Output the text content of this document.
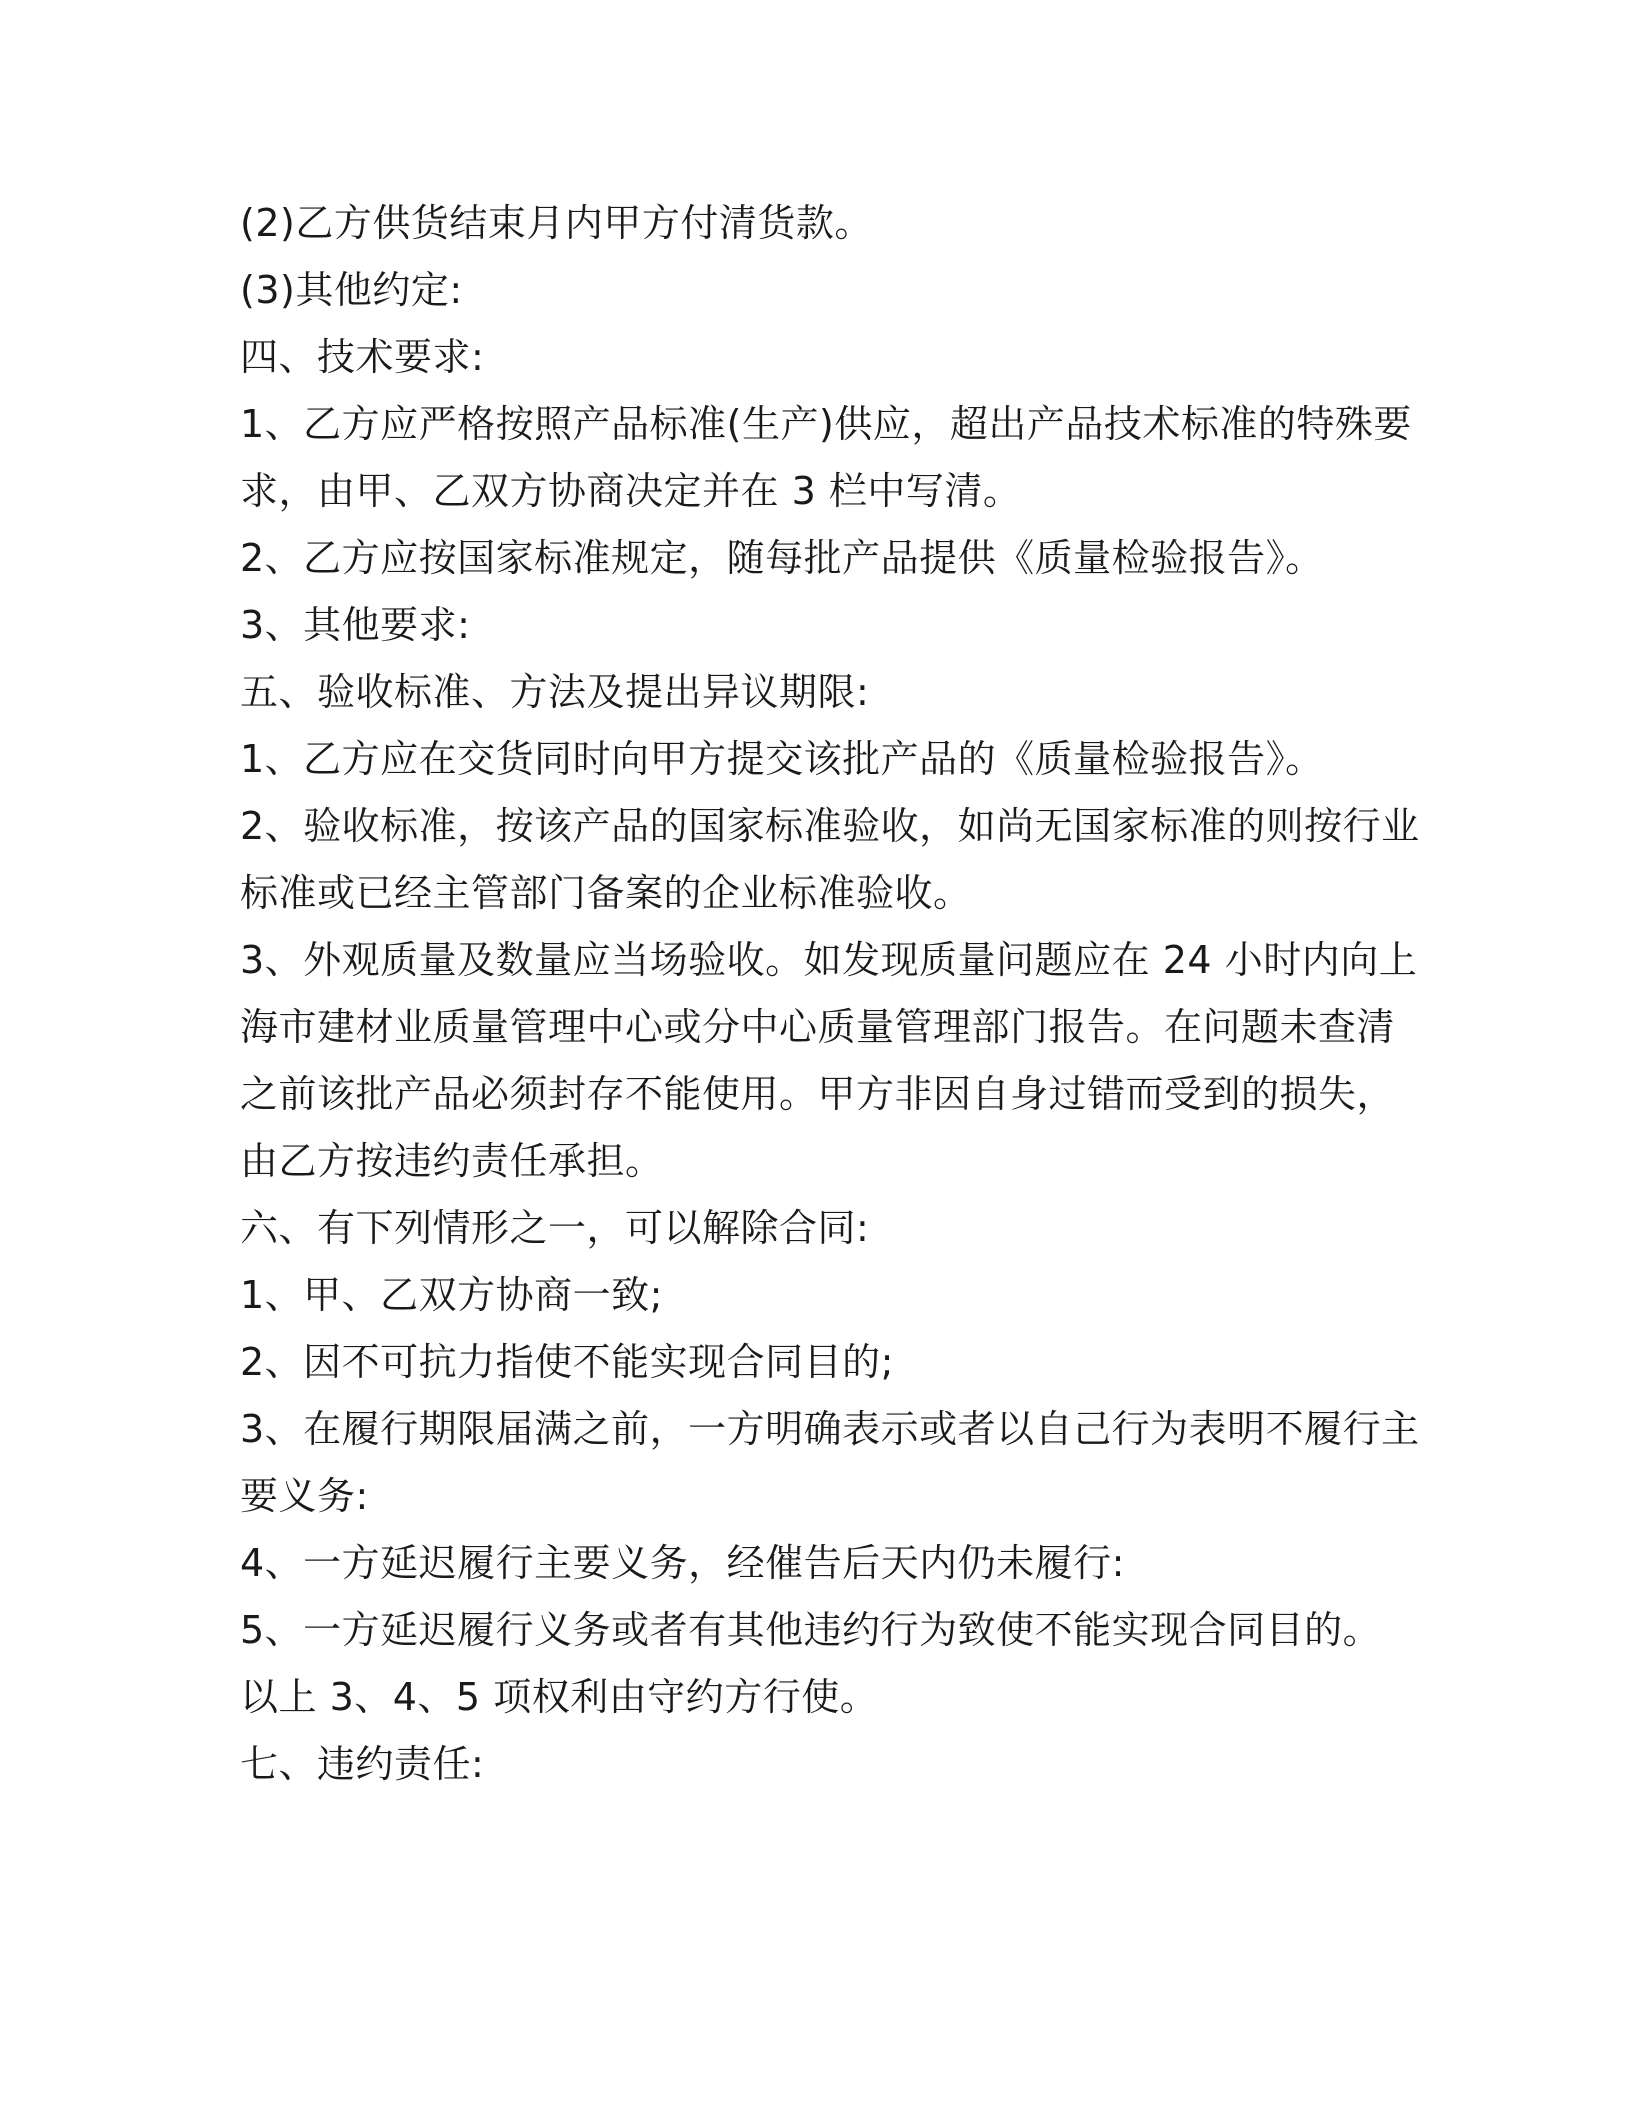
(2)乙方供货结束月内甲方付清货款。
(3)其他约定:
四、技术要求:
1、乙方应严格按照产品标准(生产)供应，超出产品技术标准的特殊要
求，由甲、乙双方协商决定并在 3 栏中写清。
2、乙方应按国家标准规定，随每批产品提供《质量检验报告》。
3、其他要求:
五、验收标准、方法及提出异议期限:
1、乙方应在交货同时向甲方提交该批产品的《质量检验报告》。
2、验收标准，按该产品的国家标准验收，如尚无国家标准的则按行业
标准或已经主管部门备案的企业标准验收。
3、外观质量及数量应当场验收。如发现质量问题应在 24 小时内向上
海市建材业质量管理中心或分中心质量管理部门报告。在问题未查清
之前该批产品必须封存不能使用。甲方非因自身过错而受到的损失，
由乙方按违约责任承担。
六、有下列情形之一，可以解除合同:
1、甲、乙双方协商一致;
2、因不可抗力指使不能实现合同目的;
3、在履行期限届满之前，一方明确表示或者以自己行为表明不履行主
要义务:
4、一方延迟履行主要义务，经催告后天内仍未履行:
5、一方延迟履行义务或者有其他违约行为致使不能实现合同目的。
以上 3、4、5 项权利由守约方行使。
七、违约责任:
